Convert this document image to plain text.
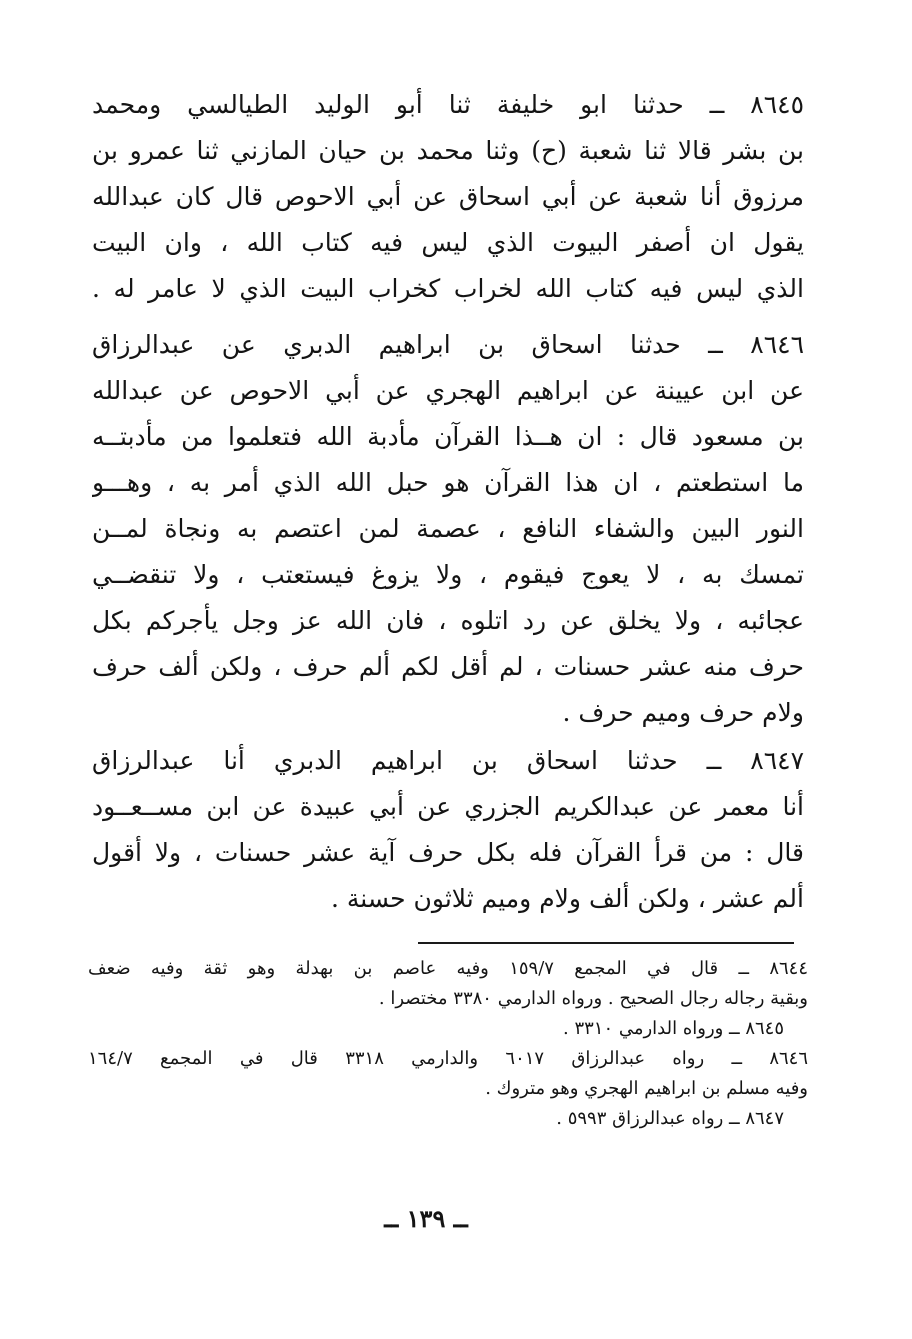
٨٦٤٥ ــ حدثنا ابو خليفة ثنا أبو الوليد الطيالسي ومحمد
بن بشر قالا ثنا شعبة (ح) وثنا محمد بن حيان المازني ثنا عمرو بن
مرزوق أنا شعبة عن أبي اسحاق عن أبي الاحوص قال كان عبدالله
يقول ان أصفر البيوت الذي ليس فيه كتاب الله ، وان البيت
الذي ليس فيه كتاب الله لخراب كخراب البيت الذي لا عامر له .
٨٦٤٦ ــ حدثنا اسحاق بن ابراهيم الدبري عن عبدالرزاق
عن ابن عيينة عن ابراهيم الهجري عن أبي الاحوص عن عبدالله
بن مسعود قال : ان هــذا القرآن مأدبة الله فتعلموا من مأدبتــه
ما استطعتم ، ان هذا القرآن هو حبل الله الذي أمر به ، وهـــو
النور البين والشفاء النافع ، عصمة لمن اعتصم به ونجاة لمــن
تمسك به ، لا يعوج فيقوم ، ولا يزوغ فيستعتب ، ولا تنقضــي
عجائبه ، ولا يخلق عن رد اتلوه ، فان الله عز وجل يأجركم بكل
حرف منه عشر حسنات ، لم أقل لكم ألم حرف ، ولكن ألف حرف
ولام حرف وميم حرف .
٨٦٤٧ ــ حدثنا اسحاق بن ابراهيم الدبري أنا عبدالرزاق
أنا معمر عن عبدالكريم الجزري عن أبي عبيدة عن ابن مســعــود
قال : من قرأ القرآن فله بكل حرف آية عشر حسنات ، ولا أقول
ألم عشر ، ولكن ألف ولام وميم ثلاثون حسنة .
٨٦٤٤ ــ قال في المجمع ١٥٩/٧ وفيه عاصم بن بهدلة وهو ثقة وفيه ضعف
وبقية رجاله رجال الصحيح . ورواه الدارمي ٣٣٨٠ مختصرا .
٨٦٤٥ ــ ورواه الدارمي ٣٣١٠ .
٨٦٤٦ ــ رواه عبدالرزاق ٦٠١٧ والدارمي ٣٣١٨ قال في المجمع ١٦٤/٧
وفيه مسلم بن ابراهيم الهجري وهو متروك .
٨٦٤٧ ــ رواه عبدالرزاق ٥٩٩٣ .
ــ ١٣٩ ــ
